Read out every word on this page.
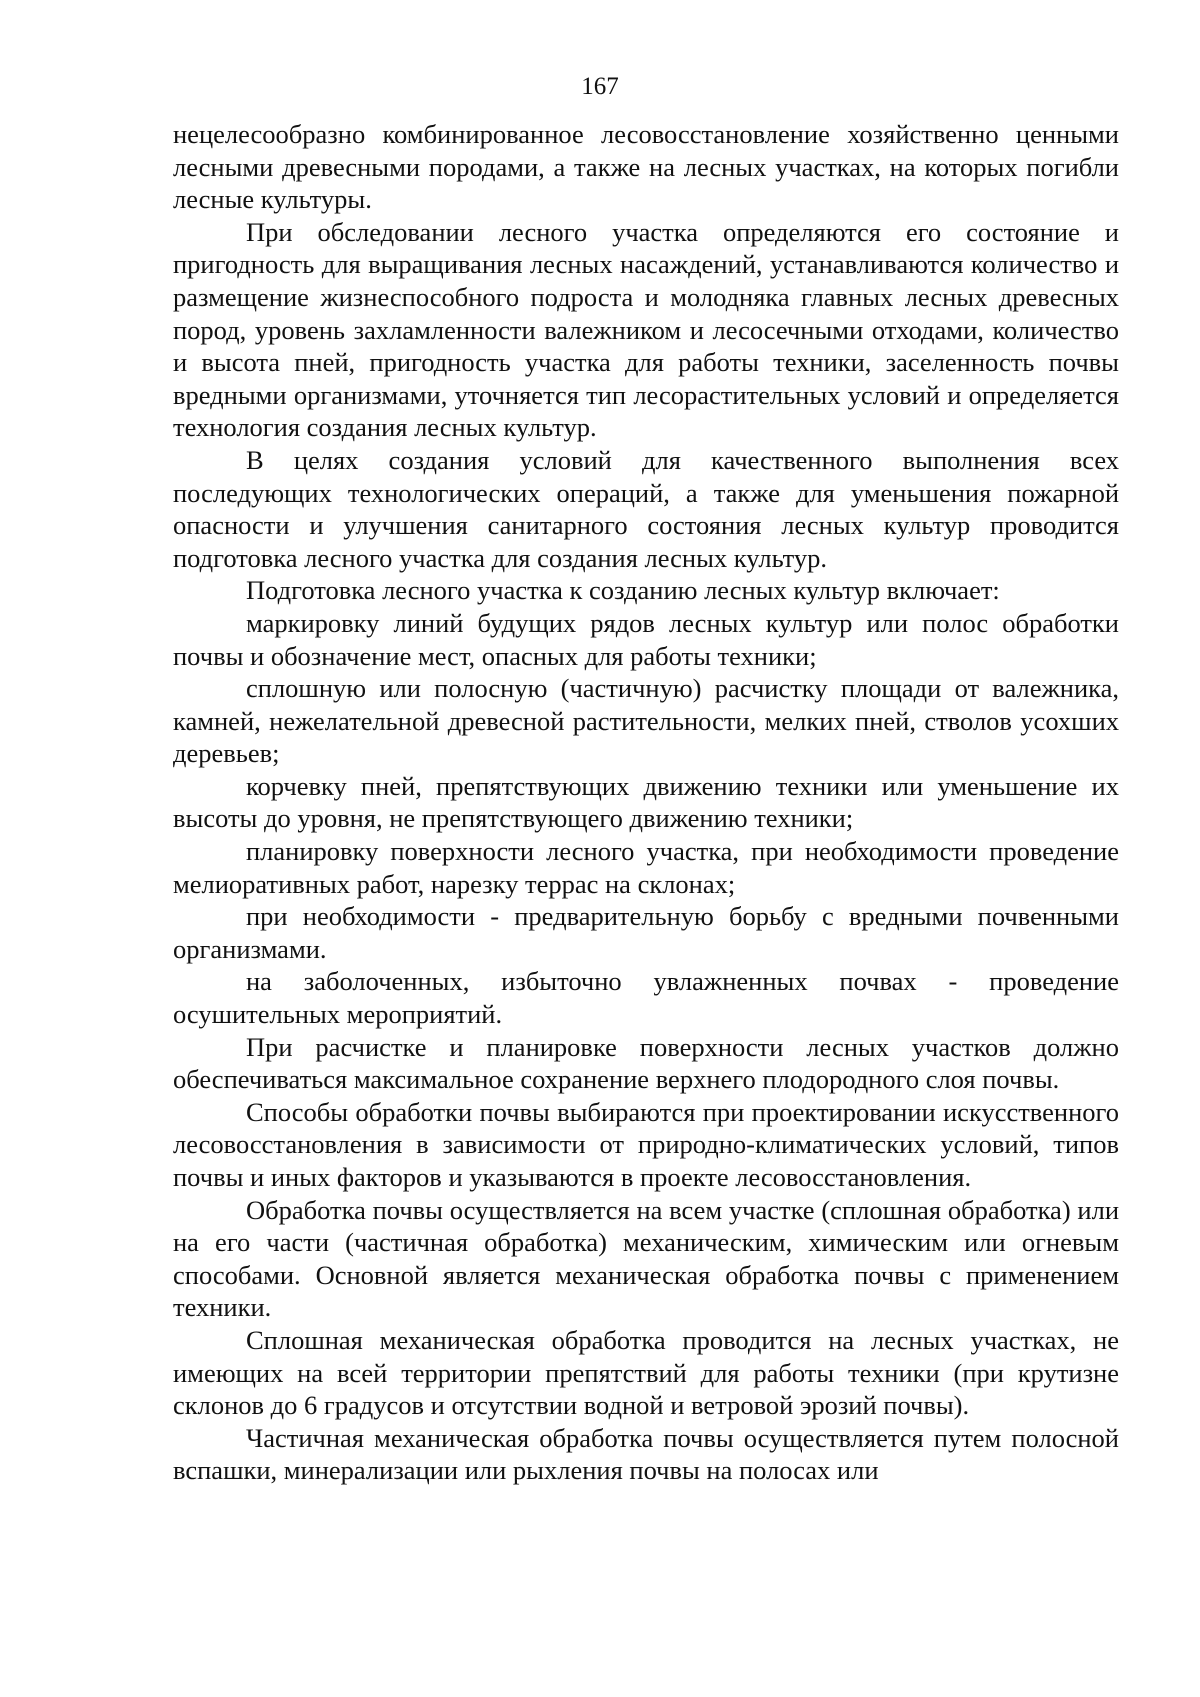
167

нецелесообразно комбинированное лесовосстановление хозяйственно ценными лесными древесными породами, а также на лесных участках, на которых погибли лесные культуры.

При обследовании лесного участка определяются его состояние и пригодность для выращивания лесных насаждений, устанавливаются количество и размещение жизнеспособного подроста и молодняка главных лесных древесных пород, уровень захламленности валежником и лесосечными отходами, количество и высота пней, пригодность участка для работы техники, заселенность почвы вредными организмами, уточняется тип лесорастительных условий и определяется технология создания лесных культур.

В целях создания условий для качественного выполнения всех последующих технологических операций, а также для уменьшения пожарной опасности и улучшения санитарного состояния лесных культур проводится подготовка лесного участка для создания лесных культур.

Подготовка лесного участка к созданию лесных культур включает:

маркировку линий будущих рядов лесных культур или полос обработки почвы и обозначение мест, опасных для работы техники;

сплошную или полосную (частичную) расчистку площади от валежника, камней, нежелательной древесной растительности, мелких пней, стволов усохших деревьев;

корчевку пней, препятствующих движению техники или уменьшение их высоты до уровня, не препятствующего движению техники;

планировку поверхности лесного участка, при необходимости проведение мелиоративных работ, нарезку террас на склонах;

при необходимости - предварительную борьбу с вредными почвенными организмами.

на заболоченных, избыточно увлажненных почвах - проведение осушительных мероприятий.

При расчистке и планировке поверхности лесных участков должно обеспечиваться максимальное сохранение верхнего плодородного слоя почвы.

Способы обработки почвы выбираются при проектировании искусственного лесовосстановления в зависимости от природно-климатических условий, типов почвы и иных факторов и указываются в проекте лесовосстановления.

Обработка почвы осуществляется на всем участке (сплошная обработка) или на его части (частичная обработка) механическим, химическим или огневым способами. Основной является механическая обработка почвы с применением техники.

Сплошная механическая обработка проводится на лесных участках, не имеющих на всей территории препятствий для работы техники (при крутизне склонов до 6 градусов и отсутствии водной и ветровой эрозий почвы).

Частичная механическая обработка почвы осуществляется путем полосной вспашки, минерализации или рыхления почвы на полосах или
